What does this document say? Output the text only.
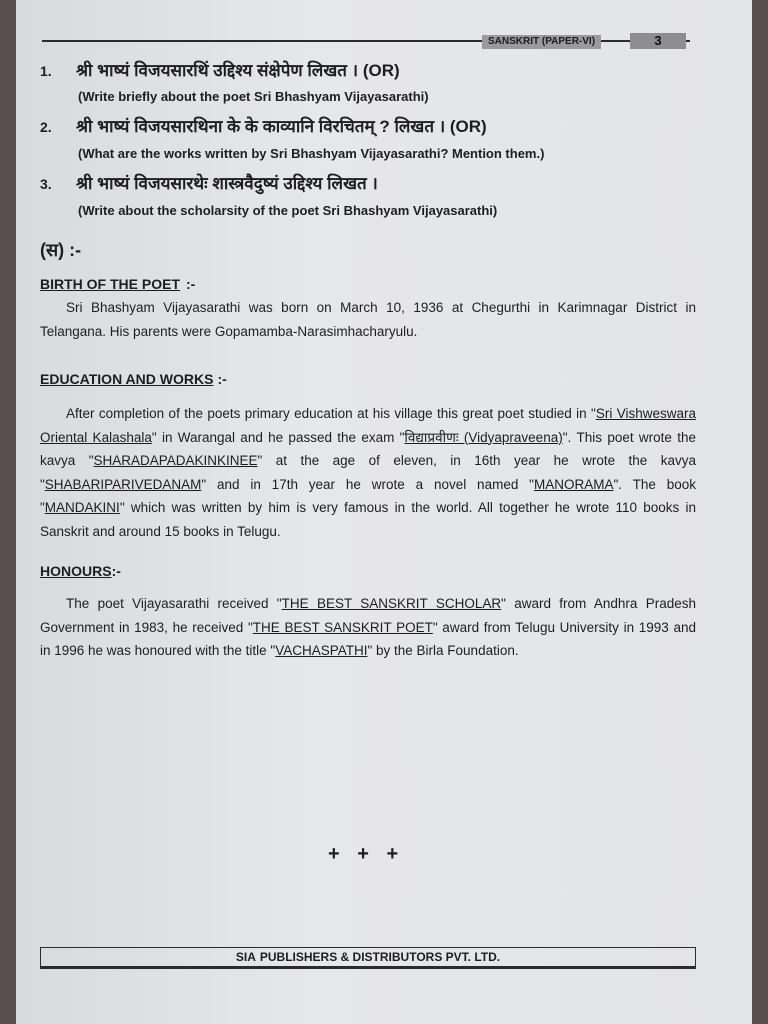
SANSKRIT (PAPER-VI)	3
1. श्री भाष्यं विजयसारथिं उद्दिश्य संक्षेपेण लिखत । (OR)
(Write briefly about the poet Sri Bhashyam Vijayasarathi)
2. श्री भाष्यं विजयसारथिना के के काव्यानि विरचितम् ? लिखत । (OR)
(What are the works written by Sri Bhashyam Vijayasarathi? Mention them.)
3. श्री भाष्यं विजयसारथेः शास्त्रवैदुष्यं उद्दिश्य लिखत ।
(Write about the scholarsity of the poet Sri Bhashyam Vijayasarathi)
(स) :-
BIRTH OF THE POET:-

Sri Bhashyam Vijayasarathi was born on March 10, 1936 at Chegurthi in Karimnagar District in Telangana. His parents were Gopamamba-Narasimhacharyulu.

EDUCATION AND WORKS:-

After completion of the poets primary education at his village this great poet studied in "Sri Vishweswara Oriental Kalashala" in Warangal and he passed the exam "विद्याप्रवीणः (Vidyapraveena)". This poet wrote the kavya "SHARADAPADAKINKINEE" at the age of eleven, in 16th year he wrote the kavya "SHABARIPARIVEDANAM" and in 17th year he wrote a novel named "MANORAMA". The book "MANDAKINI" which was written by him is very famous in the world. All together he wrote 110 books in Sanskrit and around 15 books in Telugu.

HONOURS:-

The poet Vijayasarathi received "THE BEST SANSKRIT SCHOLAR" award from Andhra Pradesh Government in 1983, he received "THE BEST SANSKRIT POET" award from Telugu University in 1993 and in 1996 he was honoured with the title "VACHASPATHI" by the Birla Foundation.

+ + +
SIA PUBLISHERS & DISTRIBUTORS PVT. LTD.
